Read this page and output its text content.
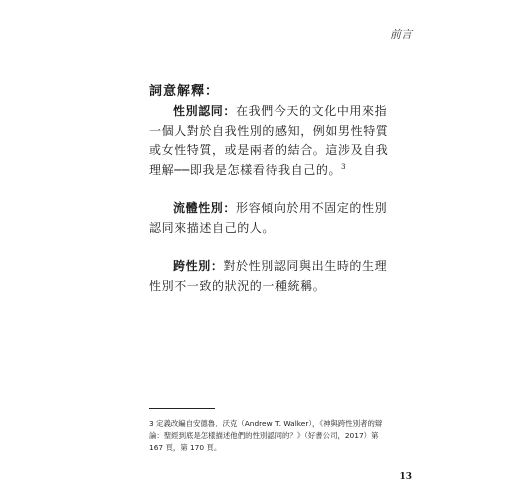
前言
詞意解釋：

性別認同：在我們今天的文化中用來指一個人對於自我性別的感知，例如男性特質或女性特質，或是兩者的結合。這涉及自我理解──即我是怎樣看待我自己的。$^3$

流體性別：形容傾向於用不固定的性別認同來描述自己的人。

跨性別：對於性別認同與出生時的生理性別不一致的狀況的一種統稱。

3 定義改編自安德魯．沃克（Andrew T. Walker），《神與跨性別者的辯論：聖經到底是怎樣描述他們的性別認同的？》（好書公司，2017）第 167 頁，第 170 頁。
13
